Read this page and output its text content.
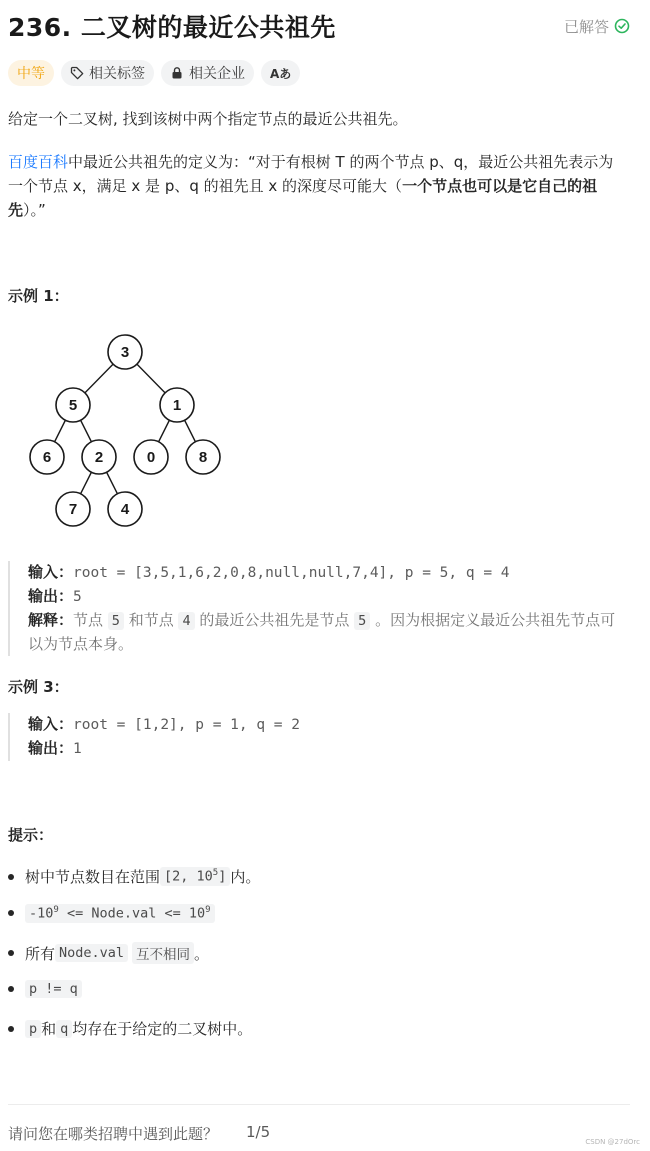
236. 二叉树的最近公共祖先	已解答
中等	相关标签	相关企业 Aあ
给定一个二叉树, 找到该树中两个指定节点的最近公共祖先。
百度百科中最近公共祖先的定义为：“对于有根树 T 的两个节点 p、q，最近公共祖先表示为一个节点 x，满足 x 是 p、q 的祖先且 x 的深度尽可能大（一个节点也可以是它自己的祖先）。”
示例 1：
3
5	1
6	2	0	8
7	4
输入：root = [3,5,1,6,2,0,8,null,null,7,4], p = 5, q = 4
输出：5
解释：节点 5 和节点 4 的最近公共祖先是节点 5 。因为根据定义最近公共祖先节点可以为节点本身。
示例 3：
输入：root = [1,2], p = 1, q = 2
输出：1
提示：
树中节点数目在范围 [2, $10^5$] 内。
$-10^9$ <= Node.val <= $10^9$
所有 Node.val 互不相同 。
p != q
p 和 q 均存在于给定的二叉树中。
请问您在哪类招聘中遇到此题？ 1/5
CSDN @27dOrc
